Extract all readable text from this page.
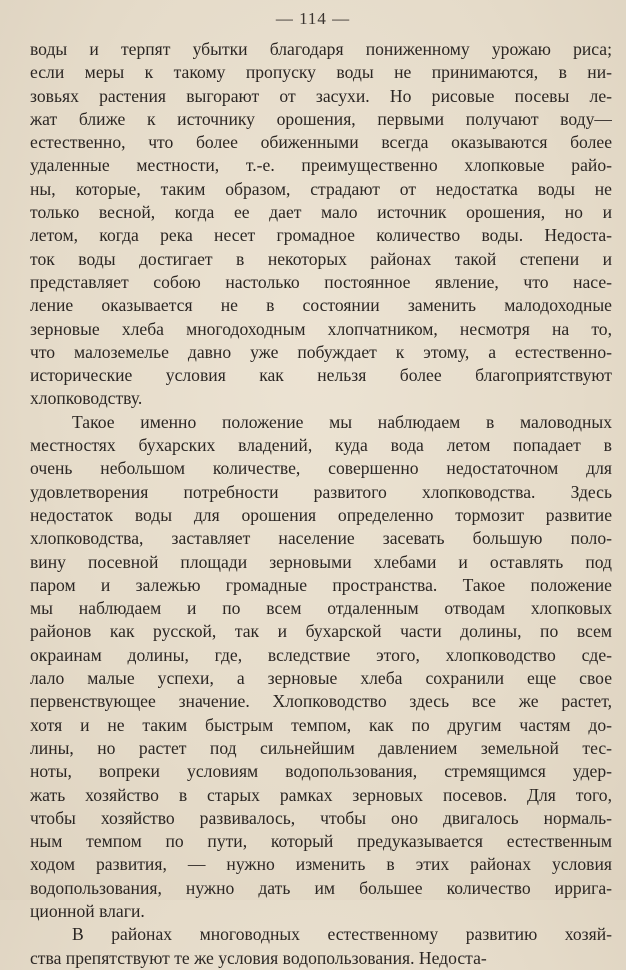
— 114 —
воды и терпят убытки благодаря пониженному урожаю риса;
если меры к такому пропуску воды не принимаются, в ни-
зовьях растения выгорают от засухи. Но рисовые посевы ле-
жат ближе к источнику орошения, первыми получают воду—
естественно, что более обиженными всегда оказываются более
удаленные местности, т.-е. преимущественно хлопковые райо-
ны, которые, таким образом, страдают от недостатка воды не
только весной, когда ее дает мало источник орошения, но и
летом, когда река несет громадное количество воды. Недостa-
ток воды достигает в некоторых районах такой степени и
представляет собою настолько постоянное явление, что насе-
ление оказывается не в состоянии заменить малодоходные
зерновые хлеба многодоходным хлопчатником, несмотря на то,
что малоземелье давно уже побуждает к этому, а естественно-
исторические условия как нельзя более благоприятствуют
хлопководству.
Такое именно положение мы наблюдаем в маловодных
местностях бухарских владений, куда вода летом попадает в
очень небольшом количестве, совершенно недостаточном для
удовлетворения потребности развитого хлопководства. Здесь
недостаток воды для орошения определенно тормозит развитие
хлопководства, заставляет население засевать большую поло-
вину посевной площади зерновыми хлебами и оставлять под
паром и залежью громадные пространства. Такое положение
мы наблюдаем и по всем отдаленным отводам хлопковых
районов как русской, так и бухарской части долины, по всем
окраинам долины, где, вследствие этого, хлопководство сде-
лало малые успехи, а зерновые хлеба сохранили еще свое
первенствующее значение. Хлопководство здесь все же растет,
хотя и не таким быстрым темпом, как по другим частям до-
лины, но растет под сильнейшим давлением земельной тес-
ноты, вопреки условиям водопользования, стремящимся удер-
жать хозяйство в старых рамках зерновых посевов. Для того,
чтобы хозяйство развивалось, чтобы оно двигалось нормаль-
ным темпом по пути, который предуказывается естественным
ходом развития, — нужно изменить в этих районах условия
водопользования, нужно дать им большее количество ирригa-
ционной влаги.
В районах многоводных естественному развитию хозяй-
ства препятствуют те же условия водопользования. Недоста-
